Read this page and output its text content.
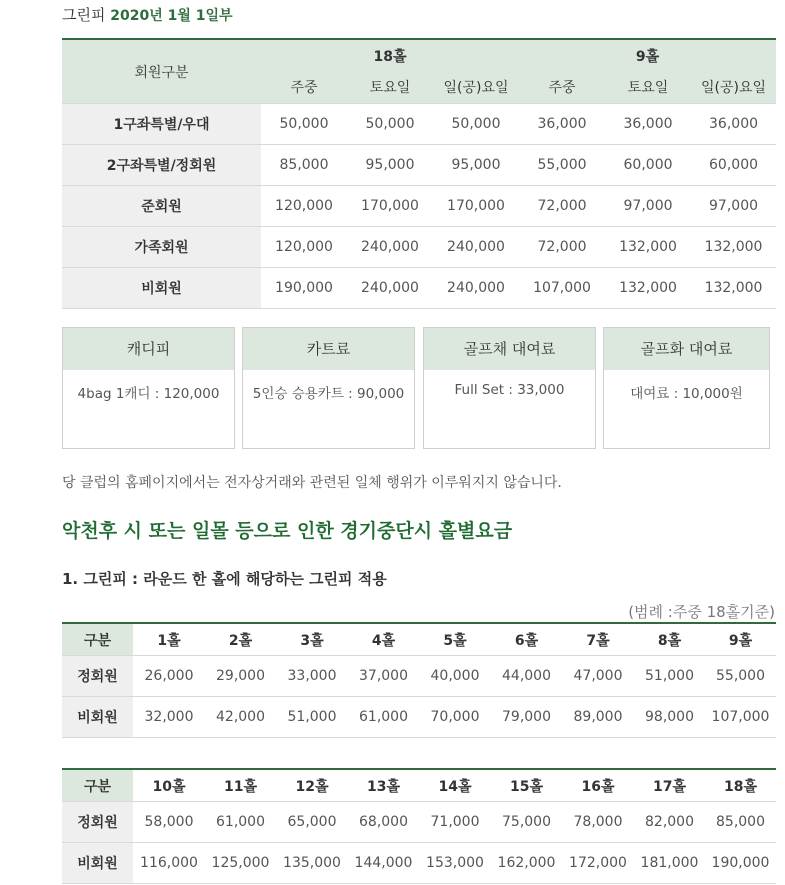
그린피 2020년 1월 1일부
회원구분	18홀			9홀		
	주중	토요일	일(공)요일	주중	토요일	일(공)요일
1구좌특별/우대	50,000	50,000	50,000	36,000	36,000	36,000
2구좌특별/정회원	85,000	95,000	95,000	55,000	60,000	60,000
준회원	120,000	170,000	170,000	72,000	97,000	97,000
가족회원	120,000	240,000	240,000	72,000	132,000	132,000
비회원	190,000	240,000	240,000	107,000	132,000	132,000
캐디피
4bag 1캐디 : 120,000
카트료
5인승 승용카트 : 90,000
골프채 대여료
Full Set : 33,000
골프화 대여료
대여료 : 10,000원
당 클럽의 홈페이지에서는 전자상거래와 관련된 일체 행위가 이루워지지 않습니다.
악천후 시 또는 일몰 등으로 인한 경기중단시 홀별요금
1. 그린피 : 라운드 한 홀에 해당하는 그린피 적용
(범례 :주중 18홀기준)
구분	1홀	2홀	3홀	4홀	5홀	6홀	7홀	8홀	9홀
정회원	26,000	29,000	33,000	37,000	40,000	44,000	47,000	51,000	55,000
비회원	32,000	42,000	51,000	61,000	70,000	79,000	89,000	98,000	107,000
구분	10홀	11홀	12홀	13홀	14홀	15홀	16홀	17홀	18홀
정회원	58,000	61,000	65,000	68,000	71,000	75,000	78,000	82,000	85,000
비회원	116,000	125,000	135,000	144,000	153,000	162,000	172,000	181,000	190,000
